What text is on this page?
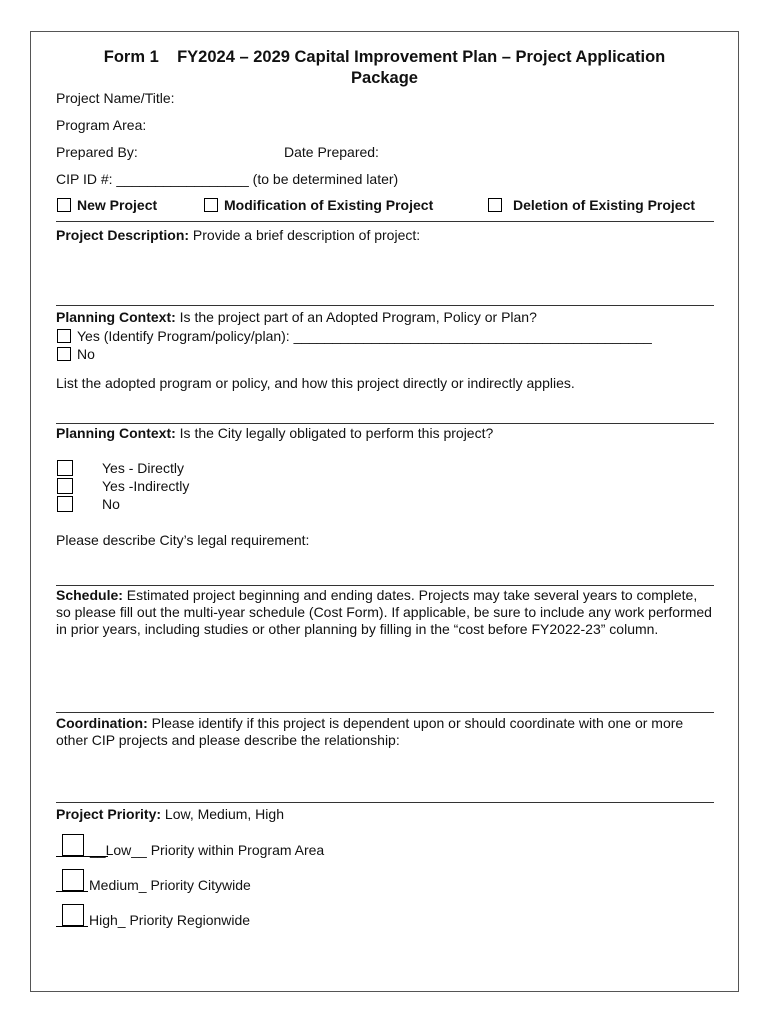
Form 1 FY2024 – 2029 Capital Improvement Plan – Project Application
Package
Project Name/Title:
Program Area:
Prepared By:	Date Prepared:
CIP ID #: _________________ (to be determined later)
New Project	Modification of Existing Project	Deletion of Existing Project
Project Description: Provide a brief description of project:
Planning Context: Is the project part of an Adopted Program, Policy or Plan?
Yes (Identify Program/policy/plan): ______________________________________________
No
List the adopted program or policy, and how this project directly or indirectly applies.
Planning Context: Is the City legally obligated to perform this project?
Yes - Directly
Yes -Indirectly
No
Please describe City’s legal requirement:
Schedule: Estimated project beginning and ending dates. Projects may take several years to complete, so please fill out the multi-year schedule (Cost Form). If applicable, be sure to include any work performed in prior years, including studies or other planning by filling in the “cost before FY2022-23” column.
Coordination: Please identify if this project is dependent upon or should coordinate with one or more other CIP projects and please describe the relationship:
Project Priority: Low, Medium, High
__Low__ Priority within Program Area
Medium_ Priority Citywide
High_ Priority Regionwide
